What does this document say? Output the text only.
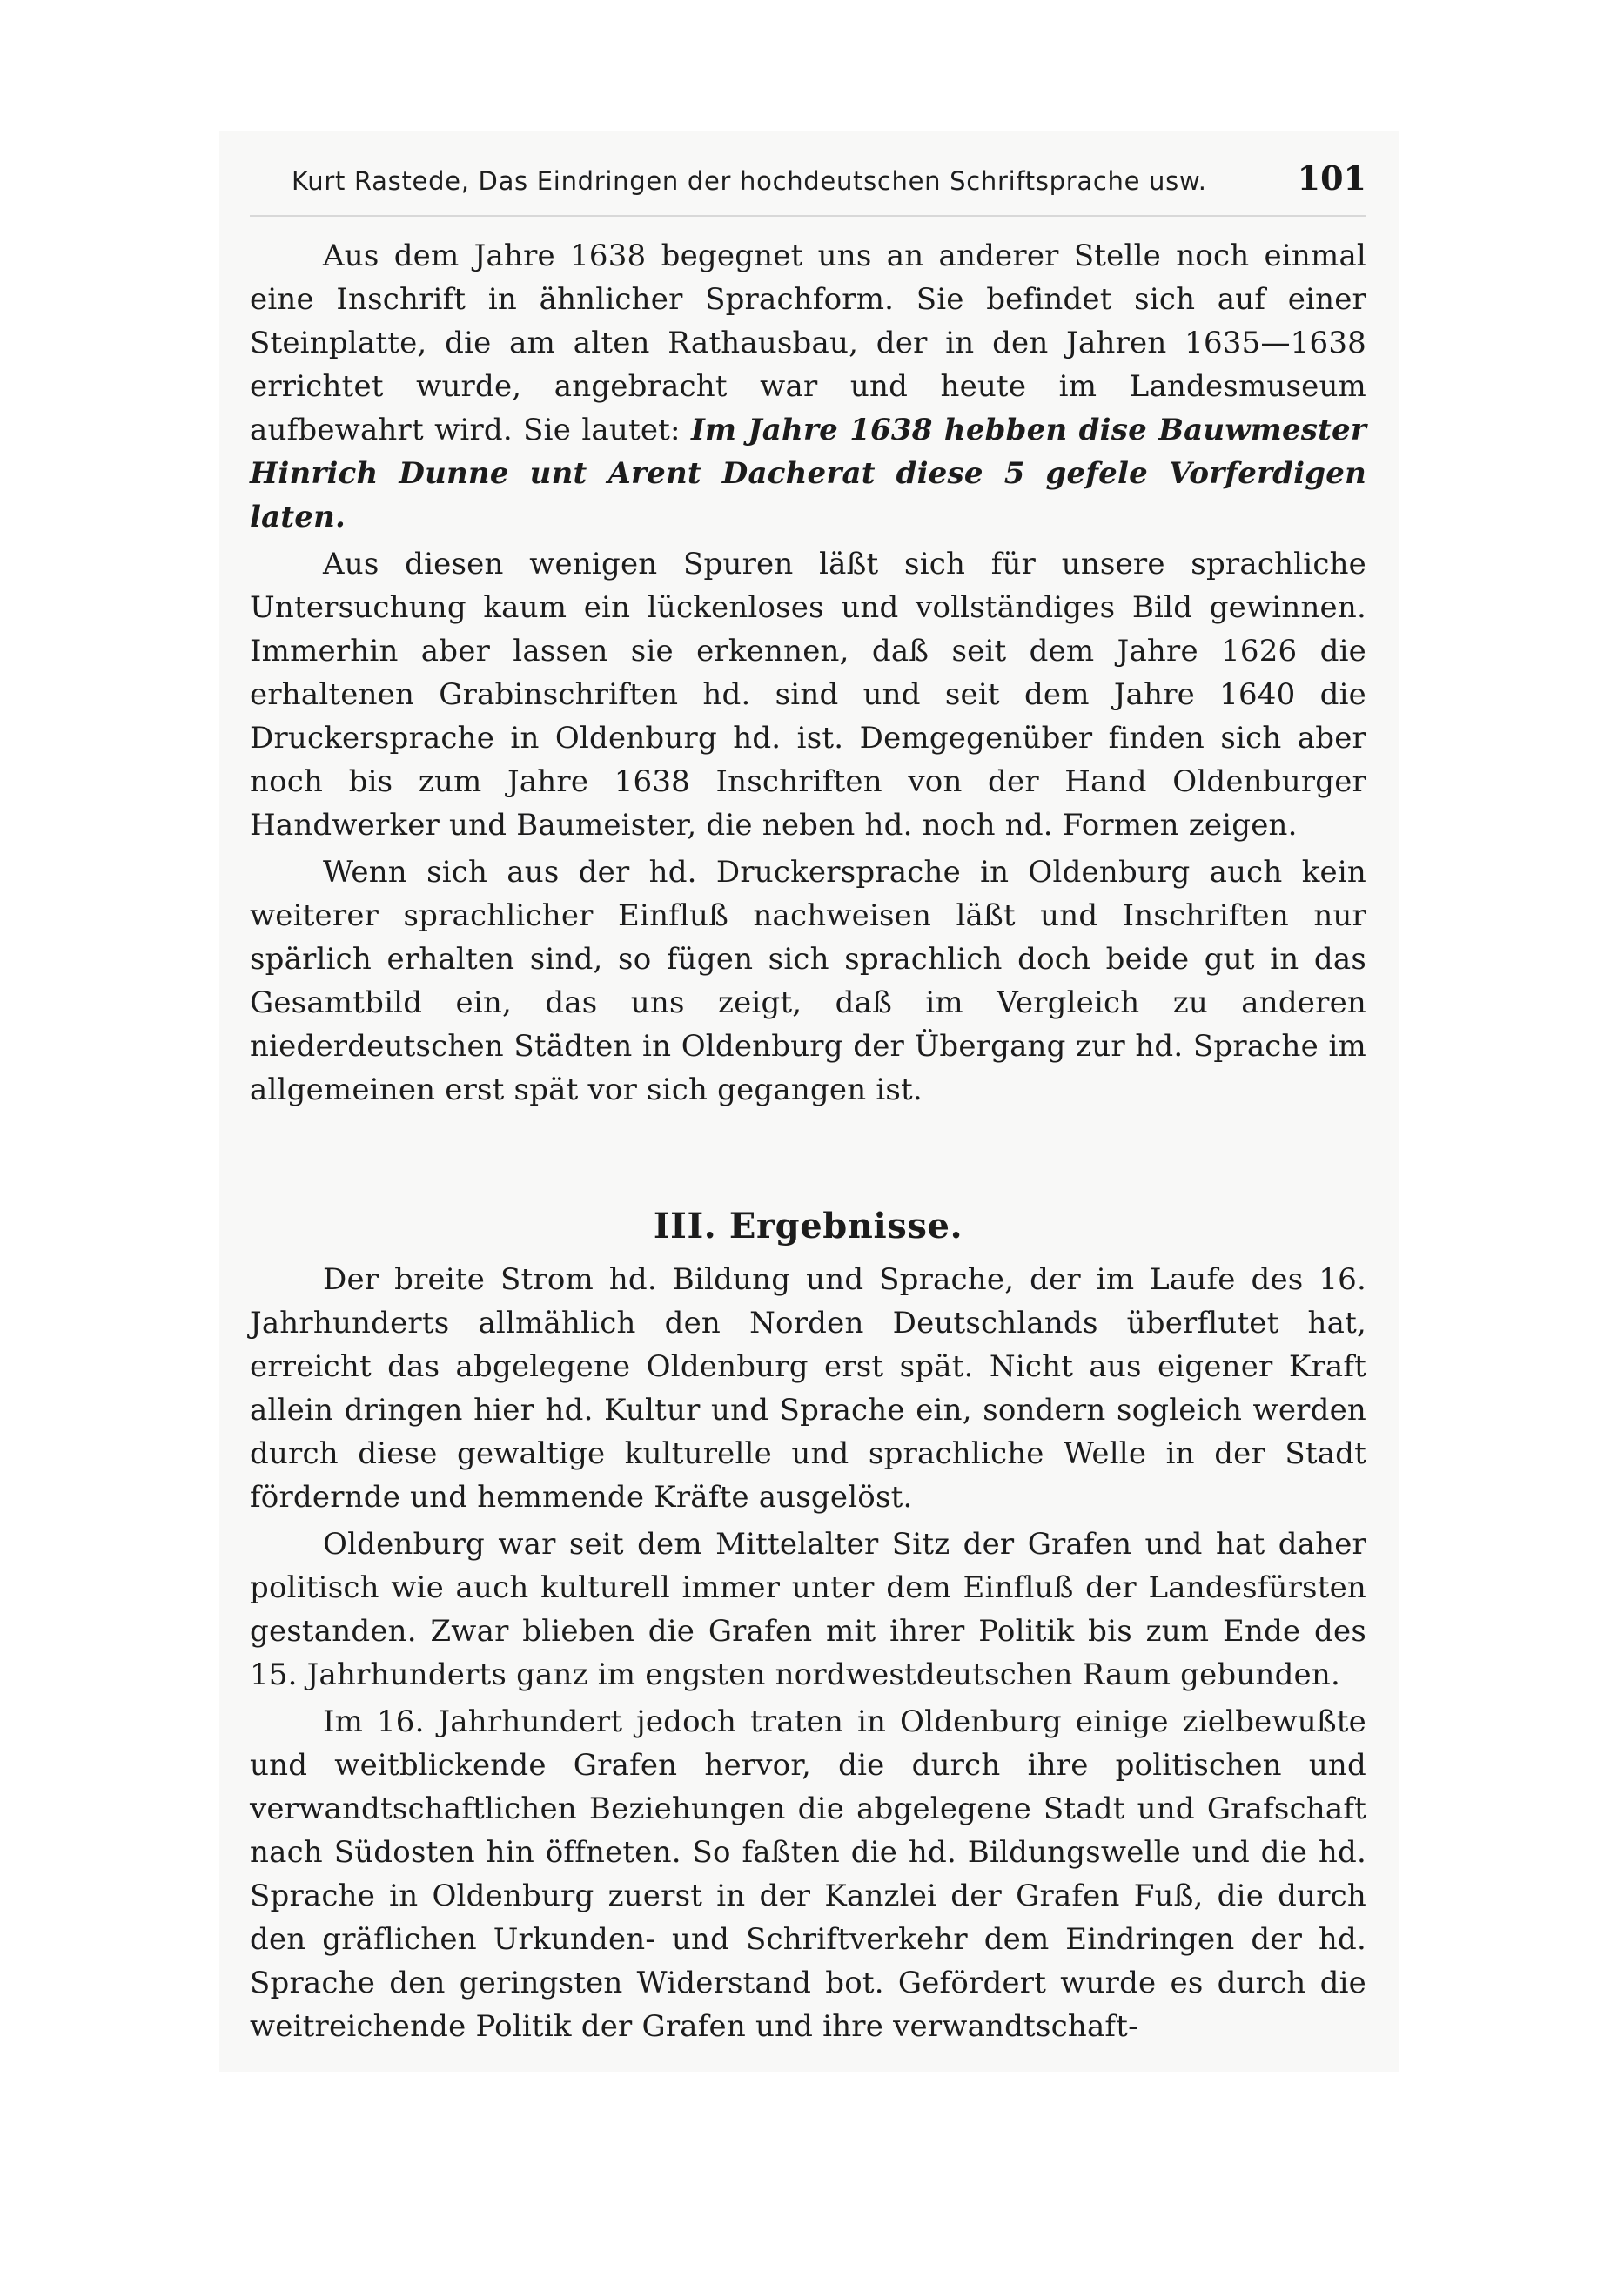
Kurt Rastede, Das Eindringen der hochdeutschen Schriftsprache usw.	101

Aus dem Jahre 1638 begegnet uns an anderer Stelle noch einmal eine Inschrift in ähnlicher Sprachform. Sie befindet sich auf einer Steinplatte, die am alten Rathausbau, der in den Jahren 1635—1638 errichtet wurde, angebracht war und heute im Landesmuseum aufbewahrt wird. Sie lautet: Im Jahre 1638 hebben dise Bauwmester Hinrich Dunne unt Arent Dacherat diese 5 gefele Vorferdigen laten.

Aus diesen wenigen Spuren läßt sich für unsere sprachliche Untersuchung kaum ein lückenloses und vollständiges Bild gewinnen. Immerhin aber lassen sie erkennen, daß seit dem Jahre 1626 die erhaltenen Grabinschriften hd. sind und seit dem Jahre 1640 die Druckersprache in Oldenburg hd. ist. Demgegenüber finden sich aber noch bis zum Jahre 1638 Inschriften von der Hand Oldenburger Handwerker und Baumeister, die neben hd. noch nd. Formen zeigen.

Wenn sich aus der hd. Druckersprache in Oldenburg auch kein weiterer sprachlicher Einfluß nachweisen läßt und Inschriften nur spärlich erhalten sind, so fügen sich sprachlich doch beide gut in das Gesamtbild ein, das uns zeigt, daß im Vergleich zu anderen niederdeutschen Städten in Oldenburg der Übergang zur hd. Sprache im allgemeinen erst spät vor sich gegangen ist.

III. Ergebnisse.

Der breite Strom hd. Bildung und Sprache, der im Laufe des 16. Jahrhunderts allmählich den Norden Deutschlands überflutet hat, erreicht das abgelegene Oldenburg erst spät. Nicht aus eigener Kraft allein dringen hier hd. Kultur und Sprache ein, sondern sogleich werden durch diese gewaltige kulturelle und sprachliche Welle in der Stadt fördernde und hemmende Kräfte ausgelöst.

Oldenburg war seit dem Mittelalter Sitz der Grafen und hat daher politisch wie auch kulturell immer unter dem Einfluß der Landesfürsten gestanden. Zwar blieben die Grafen mit ihrer Politik bis zum Ende des 15. Jahrhunderts ganz im engsten nordwestdeutschen Raum gebunden.

Im 16. Jahrhundert jedoch traten in Oldenburg einige zielbewußte und weitblickende Grafen hervor, die durch ihre politischen und verwandtschaftlichen Beziehungen die abgelegene Stadt und Grafschaft nach Südosten hin öffneten. So faßten die hd. Bildungswelle und die hd. Sprache in Oldenburg zuerst in der Kanzlei der Grafen Fuß, die durch den gräflichen Urkunden- und Schriftverkehr dem Eindringen der hd. Sprache den geringsten Widerstand bot. Gefördert wurde es durch die weitreichende Politik der Grafen und ihre verwandtschaft-
